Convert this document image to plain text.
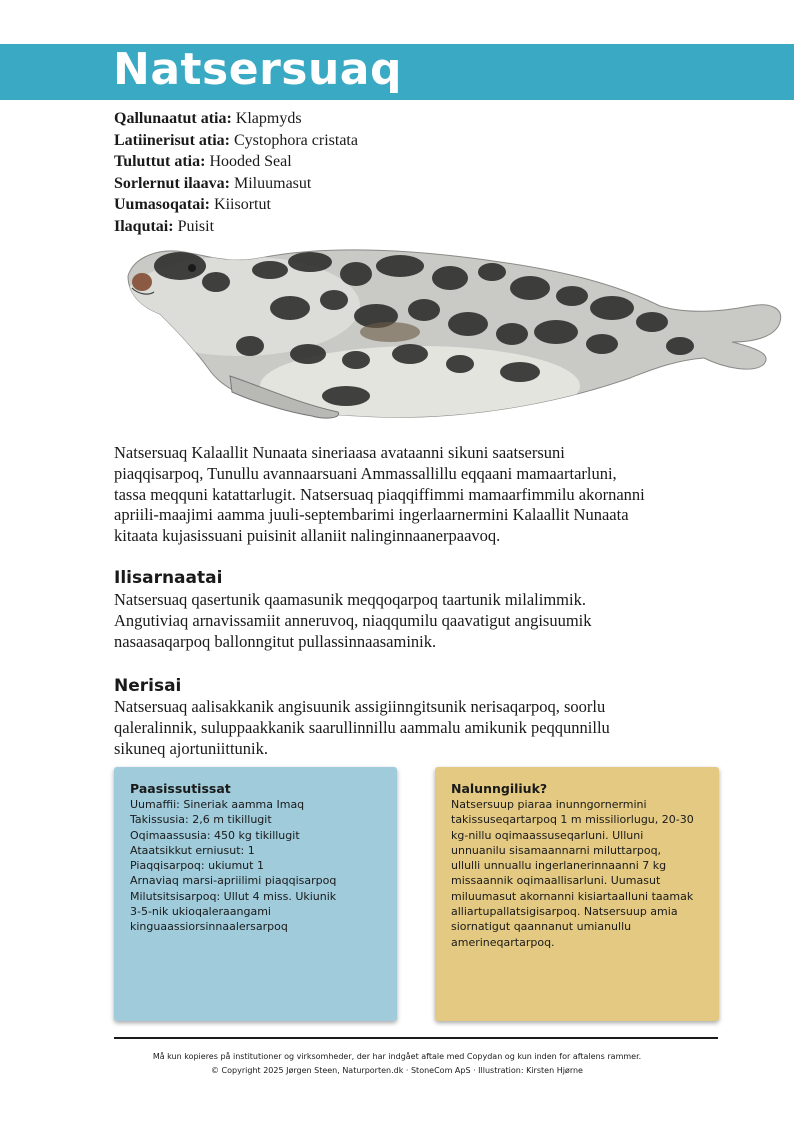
Natsersuaq
Qallunaatut atia: Klapmyds
Latiinerisut atia: Cystophora cristata
Tuluttut atia: Hooded Seal
Sorlernut ilaava: Miluumasut
Uumasoqatai: Kiisortut
Ilaqutai: Puisit
Natsersuaq Kalaallit Nunaata sineriaasa avataanni sikuni saatsersuni
piaqqisarpoq, Tunullu avannaarsuani Ammassallillu eqqaani mamaartarluni,
tassa meqquni katattarlugit. Natsersuaq piaqqiffimmi mamaarfimmilu akornanni
apriili-maajimi aamma juuli-septembarimi ingerlaarnermini Kalaallit Nunaata
kitaata kujasissuani puisinit allaniit nalinginnaanerpaavoq.
Ilisarnaatai
Natsersuaq qasertunik qaamasunik meqqoqarpoq taartunik milalimmik.
Angutiviaq arnavissamiit anneruvoq, niaqqumilu qaavatigut angisuumik
nasaasaqarpoq ballonngitut pullassinnaasaminik.
Nerisai
Natsersuaq aalisakkanik angisuunik assigiinngitsunik nerisaqarpoq, soorlu
qaleralinnik, suluppaakkanik saarullinnillu aammalu amikunik peqqunnillu
sikuneq ajortuniittunik.
Paasissutissat
Uumaffii: Sineriak aamma Imaq
Takissusia: 2,6 m tikillugit
Oqimaassusia: 450 kg tikillugit
Ataatsikkut erniusut: 1
Piaqqisarpoq: ukiumut 1
Arnaviaq marsi-apriilimi piaqqisarpoq
Milutsitsisarpoq: Ullut 4 miss. Ukiunik
3-5-nik ukioqaleraangami
kinguaassiorsinnaalersarpoq
Nalunngiliuk?
Natsersuup piaraa inunngornermini
takissuseqartarpoq 1 m missiliorlugu, 20-30
kg-nillu oqimaassuseqarluni. Ulluni
unnuanilu sisamaannarni miluttarpoq,
ullulli unnuallu ingerlanerinnaanni 7 kg
missaannik oqimaallisarluni. Uumasut
miluumasut akornanni kisiartaalluni taamak
alliartupallatsigisarpoq. Natsersuup amia
siornatigut qaannanut umianullu
amerineqartarpoq.
Må kun kopieres på institutioner og virksomheder, der har indgået aftale med Copydan og kun inden for aftalens rammer.
© Copyright 2025 Jørgen Steen, Naturporten.dk · StoneCom ApS · Illustration: Kirsten Hjørne
